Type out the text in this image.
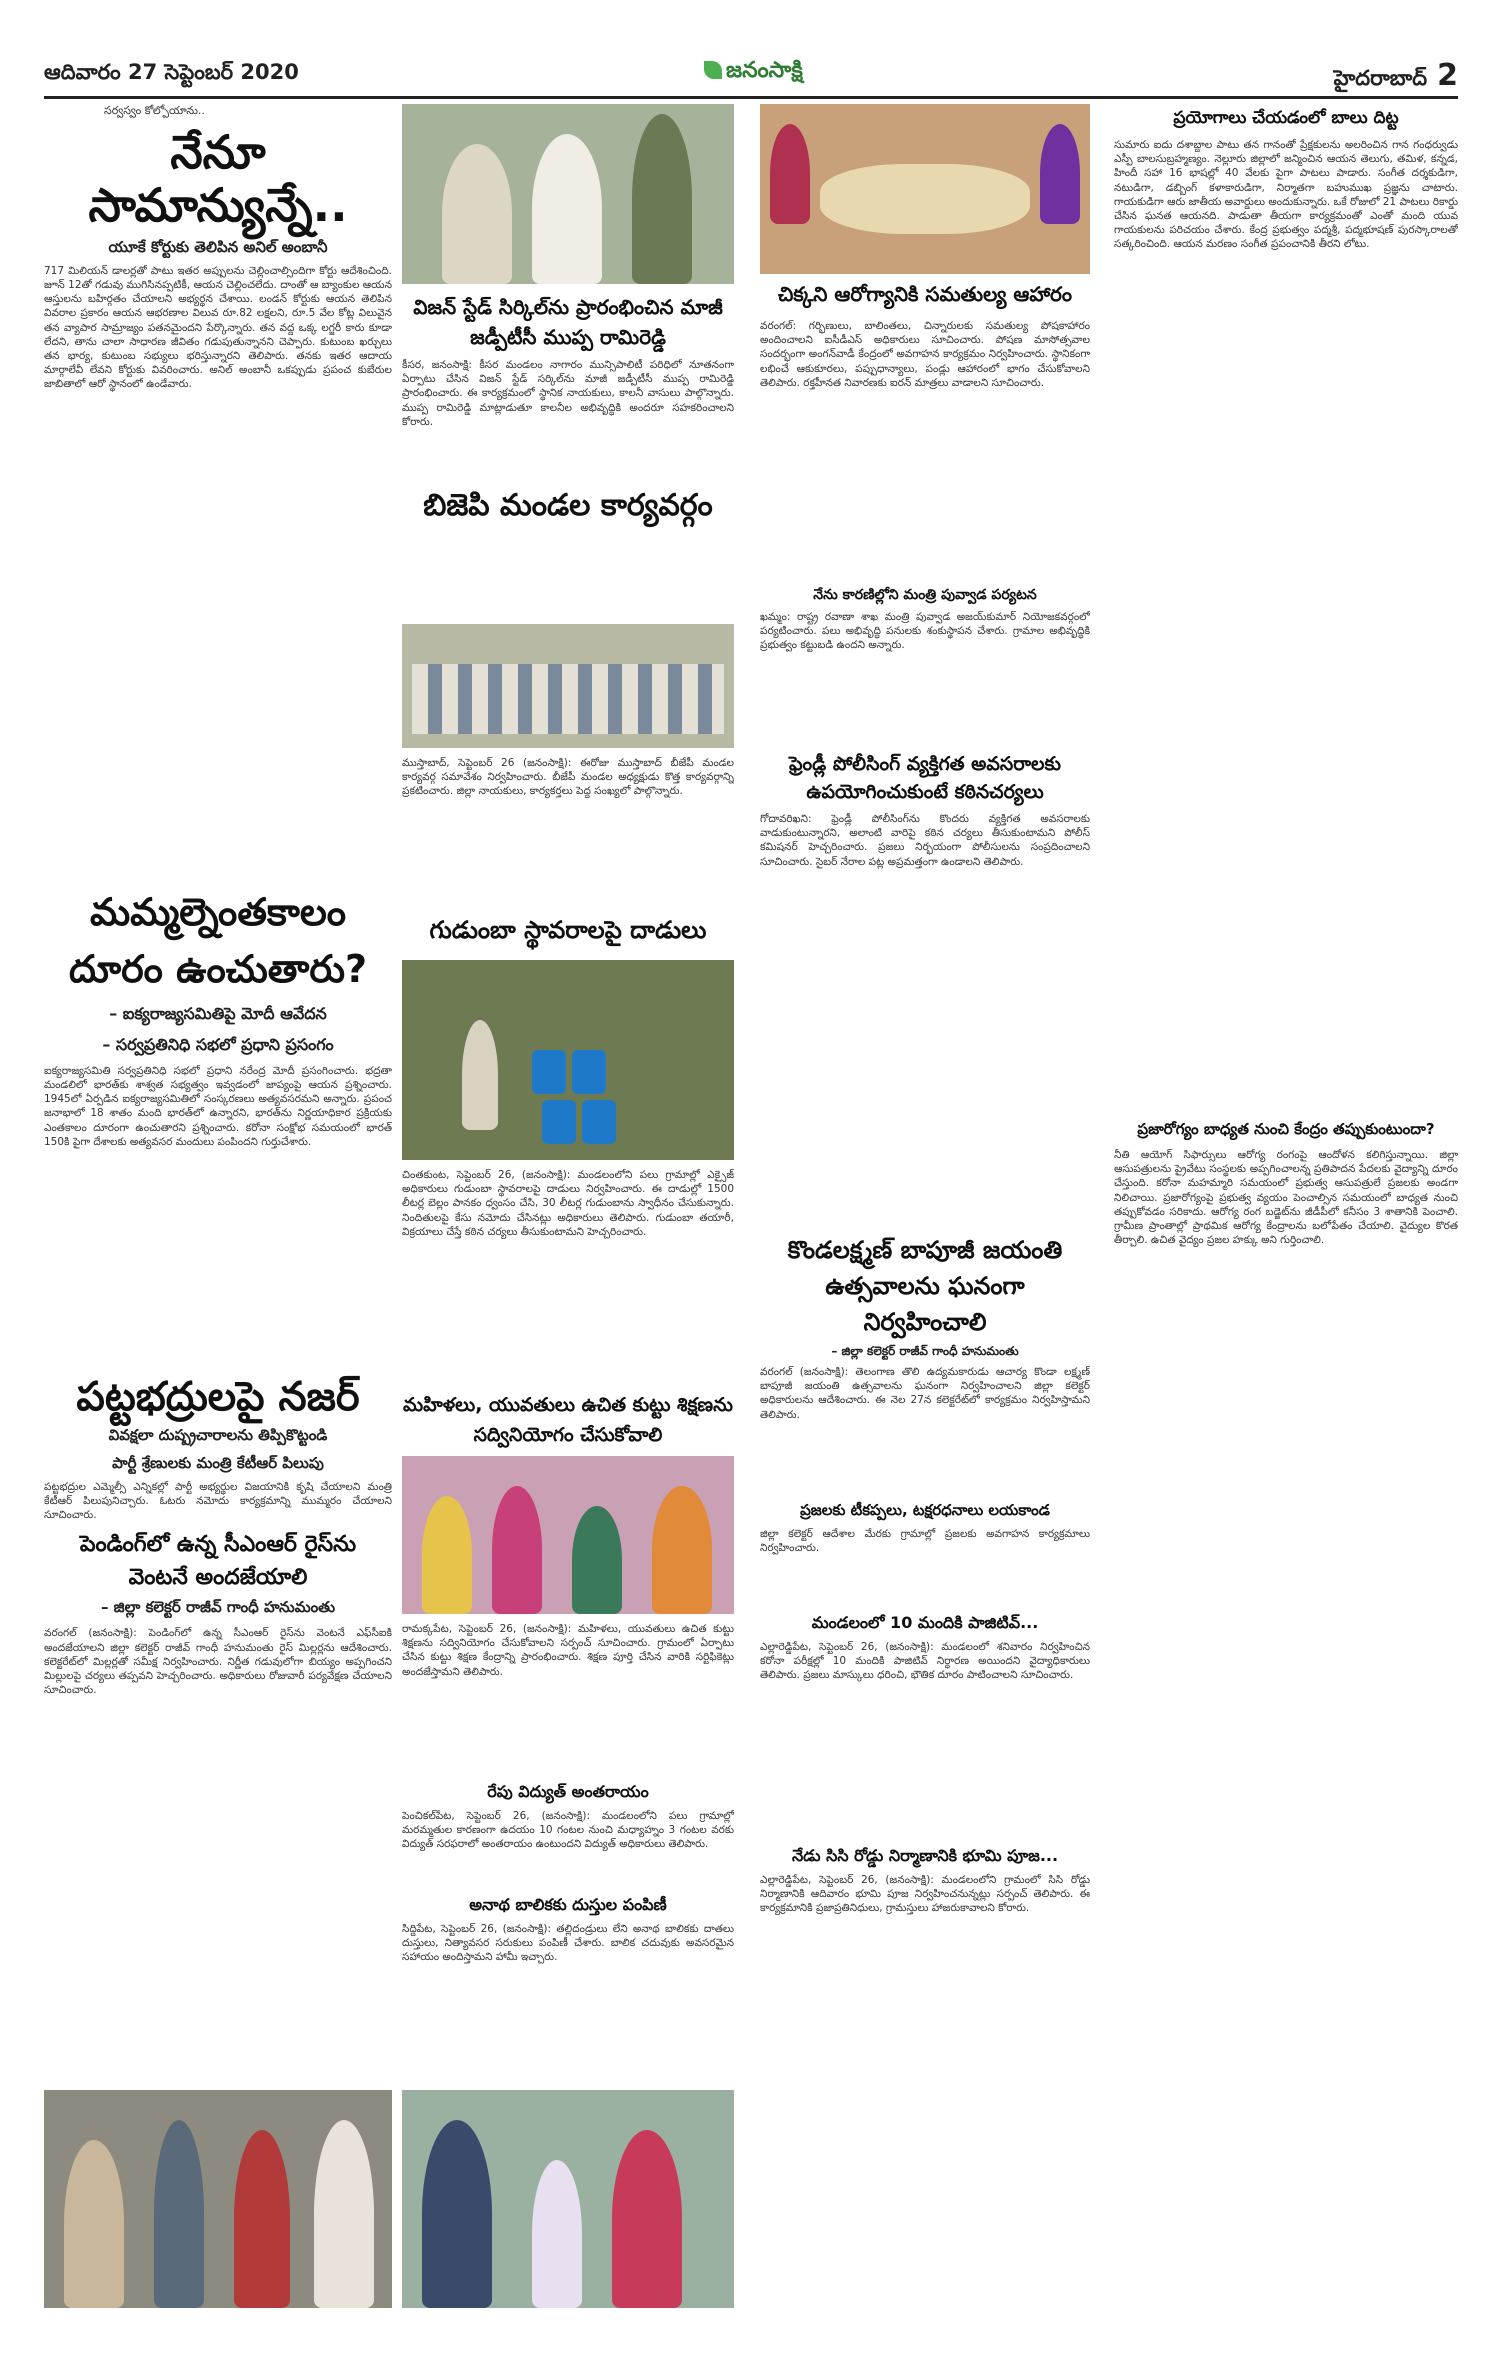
ఆదివారం 27 సెప్టెంబర్ 2020	జనంసాక్షి	హైదరాబాద్ 2
సర్వస్వం కోల్పోయాను..
నేనూ సామాన్యున్నే..
యూకే కోర్టుకు తెలిపిన అనిల్ అంబానీ
717 మిలియన్ డాలర్లతో పాటు ఇతర అప్పులను చెల్లించాల్సిందిగా కోర్టు ఆదేశించింది. జూన్ 12తో గడువు ముగిసినప్పటికీ, ఆయన చెల్లించలేదు. దాంతో ఆ బ్యాంకుల ఆయన ఆస్తులను బహిర్గతం చేయాలని అభ్యర్థన చేశాయి. లండన్ కోర్టుకు ఆయన తెలిపిన వివరాల ప్రకారం ఆయన ఆభరణాల విలువ రూ.82 లక్షలని, రూ.5 వేల కోట్ల విలువైన తన వ్యాపార సామ్రాజ్యం పతనమైందని పేర్కొన్నారు. తన వద్ద ఒక్క లగ్జరీ కారు కూడా లేదని, తాను చాలా సాధారణ జీవితం గడుపుతున్నానని చెప్పారు. కుటుంబ ఖర్చులు తన భార్య, కుటుంబ సభ్యులు భరిస్తున్నారని తెలిపారు. తనకు ఇతర ఆదాయ మార్గాలేవీ లేవని కోర్టుకు వివరించారు. అనిల్ అంబానీ ఒకప్పుడు ప్రపంచ కుబేరుల జాబితాలో ఆరో స్థానంలో ఉండేవారు.
మమ్మల్నెంతకాలం దూరం ఉంచుతారు?
– ఐక్యరాజ్యసమితిపై మోదీ ఆవేదన
– సర్వప్రతినిధి సభలో ప్రధాని ప్రసంగం
ఐక్యరాజ్యసమితి సర్వప్రతినిధి సభలో ప్రధాని నరేంద్ర మోదీ ప్రసంగించారు. భద్రతా మండలిలో భారత్‌కు శాశ్వత సభ్యత్వం ఇవ్వడంలో జాప్యంపై ఆయన ప్రశ్నించారు. 1945లో ఏర్పడిన ఐక్యరాజ్యసమితిలో సంస్కరణలు అత్యవసరమని అన్నారు. ప్రపంచ జనాభాలో 18 శాతం మంది భారత్‌లో ఉన్నారని, భారత్‌ను నిర్ణయాధికార ప్రక్రియకు ఎంతకాలం దూరంగా ఉంచుతారని ప్రశ్నించారు. కరోనా సంక్షోభ సమయంలో భారత్ 150కి పైగా దేశాలకు అత్యవసర మందులు పంపిందని గుర్తుచేశారు.
పట్టభద్రులపై నజర్
వివక్షలా దుష్ప్రచారాలను తిప్పికొట్టండి
పార్టీ శ్రేణులకు మంత్రి కేటీఆర్ పిలుపు
పట్టభద్రుల ఎమ్మెల్సీ ఎన్నికల్లో పార్టీ అభ్యర్థుల విజయానికి కృషి చేయాలని మంత్రి కేటీఆర్ పిలుపునిచ్చారు. ఓటరు నమోదు కార్యక్రమాన్ని ముమ్మరం చేయాలని సూచించారు.
పెండింగ్‌లో ఉన్న సీఎంఆర్ రైస్‌ను
వెంటనే అందజేయాలి
– జిల్లా కలెక్టర్ రాజీవ్ గాంధీ హనుమంతు
వరంగల్ (జనంసాక్షి): పెండింగ్‌లో ఉన్న సీఎంఆర్ రైస్‌ను వెంటనే ఎఫ్‌సీఐకి అందజేయాలని జిల్లా కలెక్టర్ రాజీవ్ గాంధీ హనుమంతు రైస్ మిల్లర్లను ఆదేశించారు. కలెక్టరేట్‌లో మిల్లర్లతో సమీక్ష నిర్వహించారు. నిర్ణీత గడువులోగా బియ్యం అప్పగించని మిల్లులపై చర్యలు తప్పవని హెచ్చరించారు. అధికారులు రోజువారీ పర్యవేక్షణ చేయాలని సూచించారు.
విజన్ స్టేడ్ సిర్కిల్‌ను ప్రారంభించిన మాజీ జడ్పీటీసీ ముప్ప రామిరెడ్డి
కీసర, జనంసాక్షి: కీసర మండలం నాగారం మున్సిపాలిటీ పరిధిలో నూతనంగా ఏర్పాటు చేసిన విజన్ స్టేడ్ సర్కిల్‌ను మాజీ జడ్పీటీసీ ముప్ప రామిరెడ్డి ప్రారంభించారు. ఈ కార్యక్రమంలో స్థానిక నాయకులు, కాలనీ వాసులు పాల్గొన్నారు. ముప్ప రామిరెడ్డి మాట్లాడుతూ కాలనీల అభివృద్ధికి అందరూ సహకరించాలని కోరారు.
బిజెపి మండల కార్యవర్గం
ముస్తాబాద్, సెప్టెంబర్ 26 (జనంసాక్షి): ఈరోజు ముస్తాబాద్ బీజేపీ మండల కార్యవర్గ సమావేశం నిర్వహించారు. బీజేపీ మండల అధ్యక్షుడు కొత్త కార్యవర్గాన్ని ప్రకటించారు. జిల్లా నాయకులు, కార్యకర్తలు పెద్ద సంఖ్యలో పాల్గొన్నారు.
గుడుంబా స్థావరాలపై దాడులు
చింతకుంట, సెప్టెంబర్ 26, (జనంసాక్షి): మండలంలోని పలు గ్రామాల్లో ఎక్సైజ్ అధికారులు గుడుంబా స్థావరాలపై దాడులు నిర్వహించారు. ఈ దాడుల్లో 1500 లీటర్ల బెల్లం పానకం ధ్వంసం చేసి, 30 లీటర్ల గుడుంబాను స్వాధీనం చేసుకున్నారు. నిందితులపై కేసు నమోదు చేసినట్లు అధికారులు తెలిపారు. గుడుంబా తయారీ, విక్రయాలు చేస్తే కఠిన చర్యలు తీసుకుంటామని హెచ్చరించారు.
మహిళలు, యువతులు ఉచిత కుట్టు శిక్షణను సద్వినియోగం చేసుకోవాలి
రామక్కపేట, సెప్టెంబర్ 26, (జనంసాక్షి): మహిళలు, యువతులు ఉచిత కుట్టు శిక్షణను సద్వినియోగం చేసుకోవాలని సర్పంచ్ సూచించారు. గ్రామంలో ఏర్పాటు చేసిన కుట్టు శిక్షణ కేంద్రాన్ని ప్రారంభించారు. శిక్షణ పూర్తి చేసిన వారికి సర్టిఫికెట్లు అందజేస్తామని తెలిపారు.
రేపు విద్యుత్ అంతరాయం
పెంచికల్‌పేట, సెప్టెంబర్ 26, (జనంసాక్షి): మండలంలోని పలు గ్రామాల్లో మరమ్మతుల కారణంగా ఉదయం 10 గంటల నుంచి మధ్యాహ్నం 3 గంటల వరకు విద్యుత్ సరఫరాలో అంతరాయం ఉంటుందని విద్యుత్ అధికారులు తెలిపారు.
అనాథ బాలికకు దుస్తుల పంపిణీ
సిద్దిపేట, సెప్టెంబర్ 26, (జనంసాక్షి): తల్లిదండ్రులు లేని అనాథ బాలికకు దాతలు దుస్తులు, నిత్యావసర సరుకులు పంపిణీ చేశారు. బాలిక చదువుకు అవసరమైన సహాయం అందిస్తామని హామీ ఇచ్చారు.
చిక్కని ఆరోగ్యానికి సమతుల్య ఆహారం
వరంగల్: గర్భిణులు, బాలింతలు, చిన్నారులకు సమతుల్య పోషకాహారం అందించాలని ఐసీడీఎస్ అధికారులు సూచించారు. పోషణ మాసోత్సవాల సందర్భంగా అంగన్‌వాడీ కేంద్రంలో అవగాహన కార్యక్రమం నిర్వహించారు. స్థానికంగా లభించే ఆకుకూరలు, పప్పుధాన్యాలు, పండ్లు ఆహారంలో భాగం చేసుకోవాలని తెలిపారు. రక్తహీనత నివారణకు ఐరన్ మాత్రలు వాడాలని సూచించారు.
నేను కారణిల్లోని మంత్రి పువ్వాడ పర్యటన
ఖమ్మం: రాష్ట్ర రవాణా శాఖ మంత్రి పువ్వాడ అజయ్‌కుమార్ నియోజకవర్గంలో పర్యటించారు. పలు అభివృద్ధి పనులకు శంకుస్థాపన చేశారు. గ్రామాల అభివృద్ధికి ప్రభుత్వం కట్టుబడి ఉందని అన్నారు.
ఫ్రెండ్లీ పోలీసింగ్ వ్యక్తిగత అవసరాలకు ఉపయోగించుకుంటే కఠినచర్యలు
గోదావరిఖని: ఫ్రెండ్లీ పోలీసింగ్‌ను కొందరు వ్యక్తిగత అవసరాలకు వాడుకుంటున్నారని, అలాంటి వారిపై కఠిన చర్యలు తీసుకుంటామని పోలీస్ కమిషనర్ హెచ్చరించారు. ప్రజలు నిర్భయంగా పోలీసులను సంప్రదించాలని సూచించారు. సైబర్ నేరాల పట్ల అప్రమత్తంగా ఉండాలని తెలిపారు.
కొండలక్ష్మణ్ బాపూజీ జయంతి ఉత్సవాలను ఘనంగా నిర్వహించాలి
– జిల్లా కలెక్టర్ రాజీవ్ గాంధీ హనుమంతు
వరంగల్ (జనంసాక్షి): తెలంగాణ తొలి ఉద్యమకారుడు ఆచార్య కొండా లక్ష్మణ్ బాపూజీ జయంతి ఉత్సవాలను ఘనంగా నిర్వహించాలని జిల్లా కలెక్టర్ అధికారులను ఆదేశించారు. ఈ నెల 27న కలెక్టరేట్‌లో కార్యక్రమం నిర్వహిస్తామని తెలిపారు.
ప్రజలకు టీకప్పలు, టక్షరధనాలు లయకాండ
జిల్లా కలెక్టర్ ఆదేశాల మేరకు గ్రామాల్లో ప్రజలకు అవగాహన కార్యక్రమాలు నిర్వహించారు.
మండలంలో 10 మందికి పాజిటివ్...
ఎల్లారెడ్డిపేట, సెప్టెంబర్ 26, (జనంసాక్షి): మండలంలో శనివారం నిర్వహించిన కరోనా పరీక్షల్లో 10 మందికి పాజిటివ్ నిర్ధారణ అయిందని వైద్యాధికారులు తెలిపారు. ప్రజలు మాస్కులు ధరించి, భౌతిక దూరం పాటించాలని సూచించారు.
నేడు సిసి రోడ్డు నిర్మాణానికి భూమి పూజ...
ఎల్లారెడ్డిపేట, సెప్టెంబర్ 26, (జనంసాక్షి): మండలంలోని గ్రామంలో సిసి రోడ్డు నిర్మాణానికి ఆదివారం భూమి పూజ నిర్వహించనున్నట్లు సర్పంచ్ తెలిపారు. ఈ కార్యక్రమానికి ప్రజాప్రతినిధులు, గ్రామస్తులు హాజరుకావాలని కోరారు.
ప్రయోగాలు చేయడంలో బాలు దిట్ట
సుమారు ఐదు దశాబ్దాల పాటు తన గానంతో ప్రేక్షకులను అలరించిన గాన గంధర్వుడు ఎస్పీ బాలసుబ్రహ్మణ్యం. నెల్లూరు జిల్లాలో జన్మించిన ఆయన తెలుగు, తమిళ, కన్నడ, హిందీ సహా 16 భాషల్లో 40 వేలకు పైగా పాటలు పాడారు. సంగీత దర్శకుడిగా, నటుడిగా, డబ్బింగ్ కళాకారుడిగా, నిర్మాతగా బహుముఖ ప్రజ్ఞను చాటారు. గాయకుడిగా ఆరు జాతీయ అవార్డులు అందుకున్నారు. ఒకే రోజులో 21 పాటలు రికార్డు చేసిన ఘనత ఆయనది. పాడుతా తీయగా కార్యక్రమంతో ఎంతో మంది యువ గాయకులను పరిచయం చేశారు. కేంద్ర ప్రభుత్వం పద్మశ్రీ, పద్మభూషణ్ పురస్కారాలతో సత్కరించింది. ఆయన మరణం సంగీత ప్రపంచానికి తీరని లోటు.
ప్రజారోగ్యం బాధ్యత నుంచి కేంద్రం తప్పుకుంటుందా?
నీతి ఆయోగ్ సిఫార్సులు ఆరోగ్య రంగంపై ఆందోళన కలిగిస్తున్నాయి. జిల్లా ఆసుపత్రులను ప్రైవేటు సంస్థలకు అప్పగించాలన్న ప్రతిపాదన పేదలకు వైద్యాన్ని దూరం చేస్తుంది. కరోనా మహమ్మారి సమయంలో ప్రభుత్వ ఆసుపత్రులే ప్రజలకు అండగా నిలిచాయి. ప్రజారోగ్యంపై ప్రభుత్వ వ్యయం పెంచాల్సిన సమయంలో బాధ్యత నుంచి తప్పుకోవడం సరికాదు. ఆరోగ్య రంగ బడ్జెట్‌ను జీడీపీలో కనీసం 3 శాతానికి పెంచాలి. గ్రామీణ ప్రాంతాల్లో ప్రాథమిక ఆరోగ్య కేంద్రాలను బలోపేతం చేయాలి. వైద్యుల కొరత తీర్చాలి. ఉచిత వైద్యం ప్రజల హక్కు అని గుర్తించాలి.
